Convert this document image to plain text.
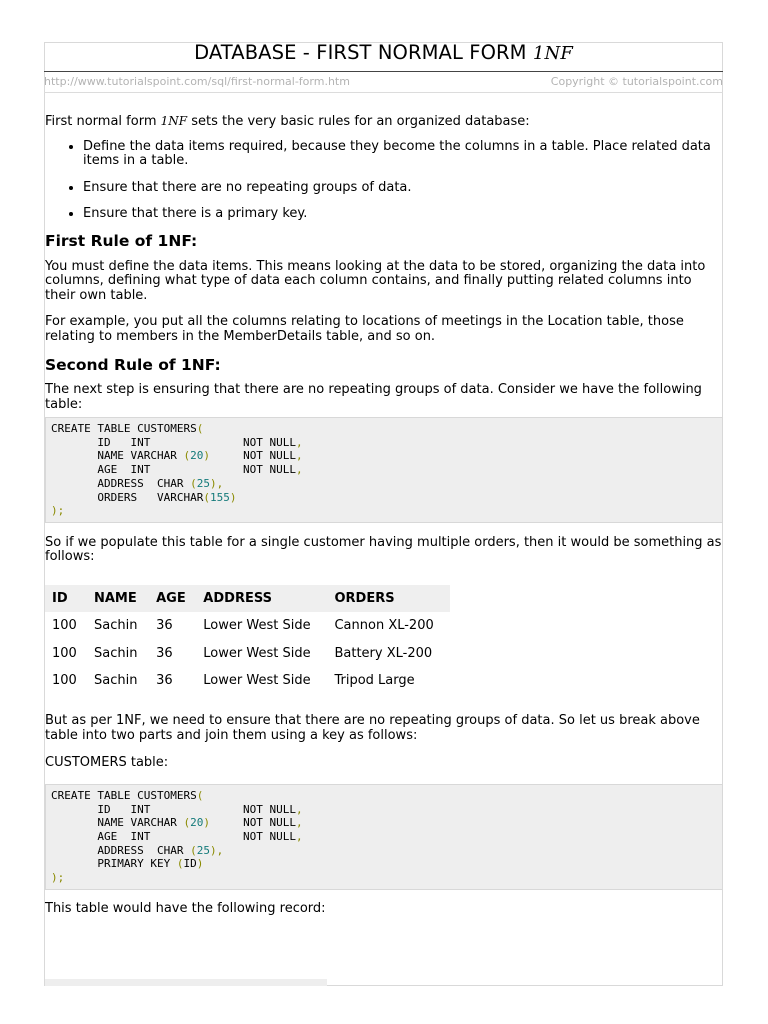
DATABASE - FIRST NORMAL FORM 1NF
http://www.tutorialspoint.com/sql/first-normal-form.htm	Copyright © tutorialspoint.com

First normal form 1NF sets the very basic rules for an organized database:

• Define the data items required, because they become the columns in a table. Place related data items in a table.
• Ensure that there are no repeating groups of data.
• Ensure that there is a primary key.
First Rule of 1NF:

You must define the data items. This means looking at the data to be stored, organizing the data into columns, defining what type of data each column contains, and finally putting related columns into their own table.

For example, you put all the columns relating to locations of meetings in the Location table, those relating to members in the MemberDetails table, and so on.

Second Rule of 1NF:

The next step is ensuring that there are no repeating groups of data. Consider we have the following table:

CREATE TABLE CUSTOMERS(
ID   INT              NOT NULL,
NAME VARCHAR (20)     NOT NULL,
AGE  INT              NOT NULL,
ADDRESS  CHAR (25),
ORDERS   VARCHAR(155)
);

So if we populate this table for a single customer having multiple orders, then it would be something as follows:

ID	NAME	AGE	ADDRESS	ORDERS
100	Sachin	36	Lower West Side	Cannon XL-200
100	Sachin	36	Lower West Side	Battery XL-200
100	Sachin	36	Lower West Side	Tripod Large

But as per 1NF, we need to ensure that there are no repeating groups of data. So let us break above table into two parts and join them using a key as follows:

CUSTOMERS table:

CREATE TABLE CUSTOMERS(
ID   INT              NOT NULL,
NAME VARCHAR (20)     NOT NULL,
AGE  INT              NOT NULL,
ADDRESS  CHAR (25),
PRIMARY KEY (ID)
);

This table would have the following record:
